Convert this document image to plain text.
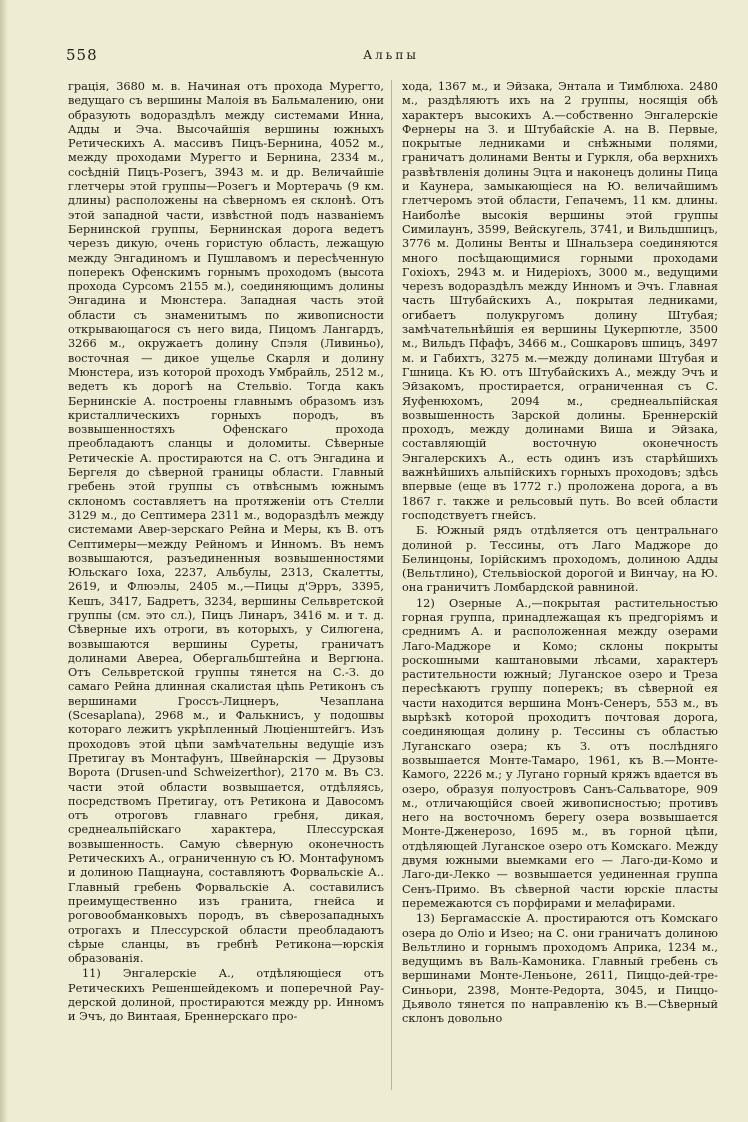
558	Альпы

грація, 3680 м. в. Начиная отъ прохода Мурегто, ведущаго съ вершины Малоія въ Бальмалению, они образують водораздѣлъ между системами Инна, Адды и Эча. Высочайшія вершины южныхъ Ретическихъ А. массивъ Пицъ-Бернина, 4052 м., между проходами Мурегто и Бернина, 2334 м., сосѣдній Пицъ-Розегъ, 3943 м. и др. Величайшіе глетчеры этой группы—Розегъ и Мортерачь (9 км. длины) расположены на сѣверномъ ея склонѣ. Отъ этой западной части, извѣстной подъ названіемъ Бернинской группы, Бернинская дорога ведетъ черезъ дикую, очень гористую область, лежащую между Энгадиномъ и Пушлавомъ и пересѣченную поперекъ Офенскимъ горнымъ проходомъ (высота прохода Сурсомъ 2155 м.), соединяющимъ долины Энгадина и Мюнстера. Западная часть этой области съ знаменитымъ по живописности открывающагося съ него вида, Пицомъ Лангардъ, 3266 м., окружаетъ долину Спэля (Ливиньо), восточная — дикое ущелье Скарля и долину Мюнстера, изъ которой проходъ Умбрайль, 2512 м., ведетъ къ дорогѣ на Стельвіо. Тогда какъ Бернинскіе А. построены главнымъ образомъ изъ кристаллическихъ горныхъ породъ, въ возвышенностяхъ Офенскаго прохода преобладаютъ сланцы и доломиты. Сѣверные Ретическіе А. простираются на С. отъ Энгадина и Бергеля до сѣверной границы области. Главный гребень этой группы съ отвѣснымъ южнымъ склономъ составляетъ на протяженіи отъ Стелли 3129 м., до Септимера 2311 м., водораздѣлъ между системами Авер-зерскаго Рейна и Меры, къ В. отъ Септимеры—между Рейномъ и Инномъ. Въ немъ возвышаются, разъединенныя возвышенностями Юльскаго Іоха, 2237, Альбулы, 2313, Скалетты, 2619, и Флюэлы, 2405 м.,—Пицы д'Эрръ, 3395, Кешъ, 3417, Бадретъ, 3234, вершины Сельвретской группы (см. это сл.), Пицъ Линаръ, 3416 м. и т. д. Сѣверные ихъ отроги, въ которыхъ, у Силюгена, возвышаются вершины Суреты, граничатъ долинами Авереа, Обергальбштейна и Вергюна. Отъ Сельвретской группы тянется на С.-З. до самаго Рейна длинная скалистая цѣпь Ретиконъ съ вершинами Гроссъ-Лицнеръ, Чезаплана (Scesaplana), 2968 м., и Фалькнисъ, у подошвы котораго лежитъ укрѣпленный Люціенштейгъ. Изъ проходовъ этой цѣпи замѣчательны ведущіе изъ Претигау въ Монтафунъ, Швейнарскія — Друзовы Ворота (Drusen-und Schweizerthor), 2170 м. Въ СЗ. части этой области возвышается, отдѣляясь, посредствомъ Претигау, отъ Ретикона и Давосомъ отъ отроговъ главнаго гребня, дикая, среднеальпійскаго характера, Плессурская возвышенность. Самую сѣверную оконечность Ретическихъ А., ограниченную съ Ю. Монтафуномъ и долиною Пащнауна, составляютъ Форвальскіе А.. Главный гребень Форвальскіе А. составилисъ преимущественно изъ гранита, гнейса и роговообманковыхъ породъ, въ сѣверозападныхъ отрогахъ и Плессурской области преобладаютъ сѣрые сланцы, въ гребнѣ Ретикона—юрскія образованія.

11) Энгалерскіе А., отдѣляющіеся отъ Ретическихъ Решеншейдекомъ и поперечной Рау-дерской долиной, простираются между рр. Инномъ и Эчъ, до Винтаая, Бреннерскаго про-

хода, 1367 м., и Эйзака, Энтала и Тимблюха. 2480 м., раздѣляютъ ихъ на 2 группы, носящія обѣ характеръ высокихъ А.—собственно Энгалерскіе Фернеры на З. и Штубайскіе А. на В. Первые, покрытые ледниками и снѣжными полями, граничатъ долинами Венты и Гуркля, оба верхнихъ развѣтвленія долины Эцта и наконецъ долины Пица и Каунера, замыкающіеся на Ю. величайшимъ глетчеромъ этой области, Гепачемъ, 11 км. длины. Наиболѣе высокія вершины этой группы Симилаунъ, 3599, Вейскугель, 3741, и Вильдшпицъ, 3776 м. Долины Венты и Шнальзера соединяются много посѣщающимися горными проходами Гохіохъ, 2943 м. и Нидеріохъ, 3000 м., ведущими черезъ водораздѣлъ между Инномъ и Эчъ. Главная часть Штубайскихъ А., покрытая ледниками, огибаетъ полукругомъ долину Штубая; замѣчательнѣйшія ея вершины Цукерпютле, 3500 м., Вильдъ Пфафъ, 3466 м., Сошкаровъ шпицъ, 3497 м. и Габихтъ, 3275 м.—между долинами Штубая и Гшница. Къ Ю. отъ Штубайскихъ А., между Эчъ и Эйзакомъ, простирается, ограниченная съ С. Яуфенюхомъ, 2094 м., среднеальпійская возвышенность Зарской долины. Бреннерскій проходъ, между долинами Виша и Эйзака, составляющій восточную оконечность Энгалерскихъ А., есть одинъ изъ старѣйшихъ важнѣйшихъ альпійскихъ горныхъ проходовъ; здѣсь впервые (еще въ 1772 г.) проложена дорога, а въ 1867 г. также и рельсовый путь. Во всей области господствуетъ гнейсъ.

Б. Южный рядъ отдѣляется отъ центральнаго долиной р. Тессины, отъ Лаго Маджоре до Белинцоны, Іорійскимъ проходомъ, долиною Адды (Вельтлино), Стельвіоской дорогой и Винчау, на Ю. она граничитъ Ломбардской равниной.

12) Озерные А.,—покрытая растительностью горная группа, принадлежащая къ предгоріямъ и среднимъ А. и расположенная между озерами Лаго-Маджоре и Комо; склоны покрыты роскошными каштановыми лѣсами, характеръ растительности южный; Луганское озеро и Треза пересѣкаютъ группу поперекъ; въ сѣверной ея части находится вершина Монъ-Сенеръ, 553 м., въ вырѣзкѣ которой проходитъ почтовая дорога, соединяющая долину р. Тессины съ областью Луганскаго озера; къ З. отъ послѣдняго возвышается Монте-Тамаро, 1961, къ В.—Монте-Камого, 2226 м.; у Лугано горный кряжъ вдается въ озеро, образуя полуостровъ Санъ-Сальваторе, 909 м., отличающійся своей живописностью; противъ него на восточномъ берегу озера возвышается Монте-Дженерозо, 1695 м., въ горной цѣпи, отдѣляющей Луганское озеро отъ Комскаго. Между двумя южными выемками его — Лаго-ди-Комо и Лаго-ди-Лекко — возвышается уединенная группа Сенъ-Примо. Въ сѣверной части юрскіе пласты перемежаются съ порфирами и мелафирами.

13) Бергамасскіе А. простираются отъ Комскаго озера до Оліо и Изео; на С. они граничатъ долиною Вельтлино и горнымъ проходомъ Априка, 1234 м., ведущимъ въ Валь-Камоника. Главный гребень съ вершинами Монте-Леньоне, 2611, Пиццо-дей-тре-Синьори, 2398, Монте-Редорта, 3045, и Пиццо-Дьяволо тянется по направленію къ В.—Сѣверный склонъ довольно
